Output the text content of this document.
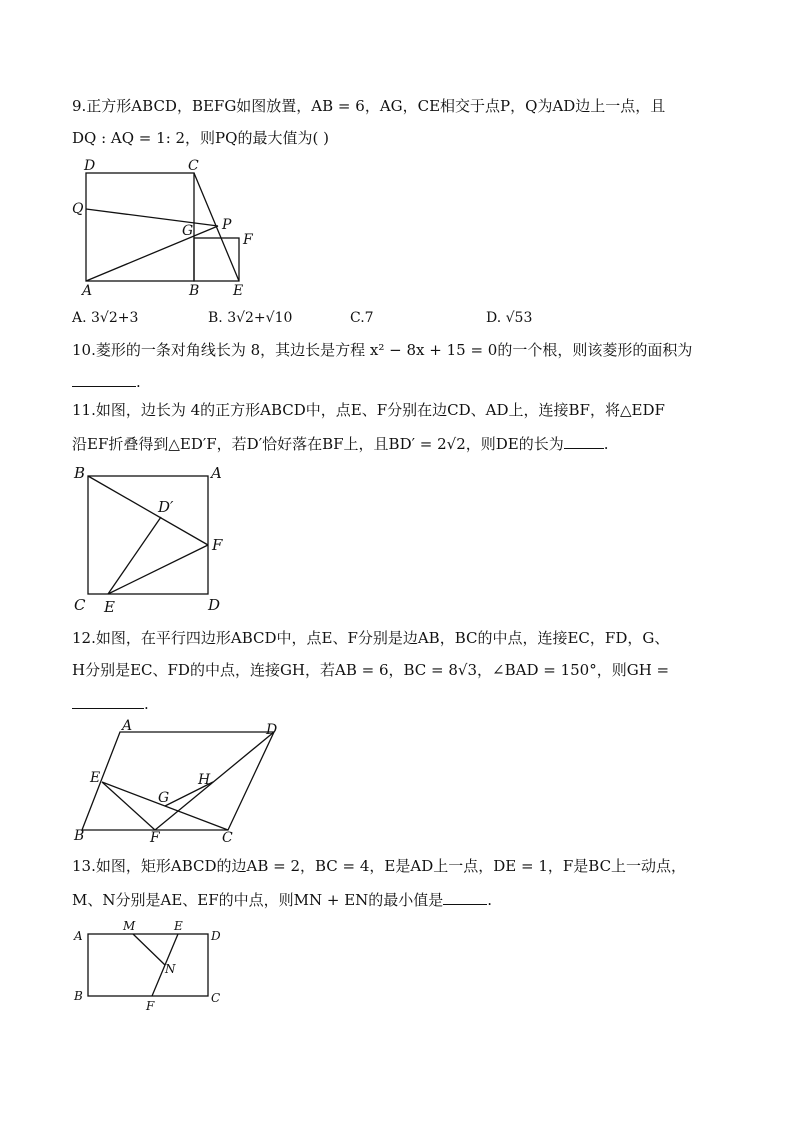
9.正方形ABCD，BEFG如图放置，AB = 6，AG，CE相交于点P，Q为AD边上一点，且
DQ : AQ = 1: 2，则PQ的最大值为( )
D	C
Q
P
G
F
A	B E
A. 3√2+3	B. 3√2+√10	C.7	D. √53
10.菱形的一条对角线长为 8，其边长是方程 x² − 8x + 15 = 0的一个根，则该菱形的面积为
.
11.如图，边长为 4的正方形ABCD中，点E、F分别在边CD、AD上，连接BF，将△EDF
沿EF折叠得到△ED′F，若D′恰好落在BF上，且BD′ = 2√2，则DE的长为	.
B	A
D′
F
C E	D
12.如图，在平行四边形ABCD中，点E、F分别是边AB，BC的中点，连接EC，FD，G、
H分别是EC、FD的中点，连接GH，若AB = 6，BC = 8√3，∠BAD = 150°，则GH =
.
A	D
E	H
G
B	F	C
13.如图，矩形ABCD的边AB = 2，BC = 4，E是AD上一点，DE = 1，F是BC上一动点，
M、N分别是AE、EF的中点，则MN + EN的最小值是	.
A
M	E
D
N
B
F
C
